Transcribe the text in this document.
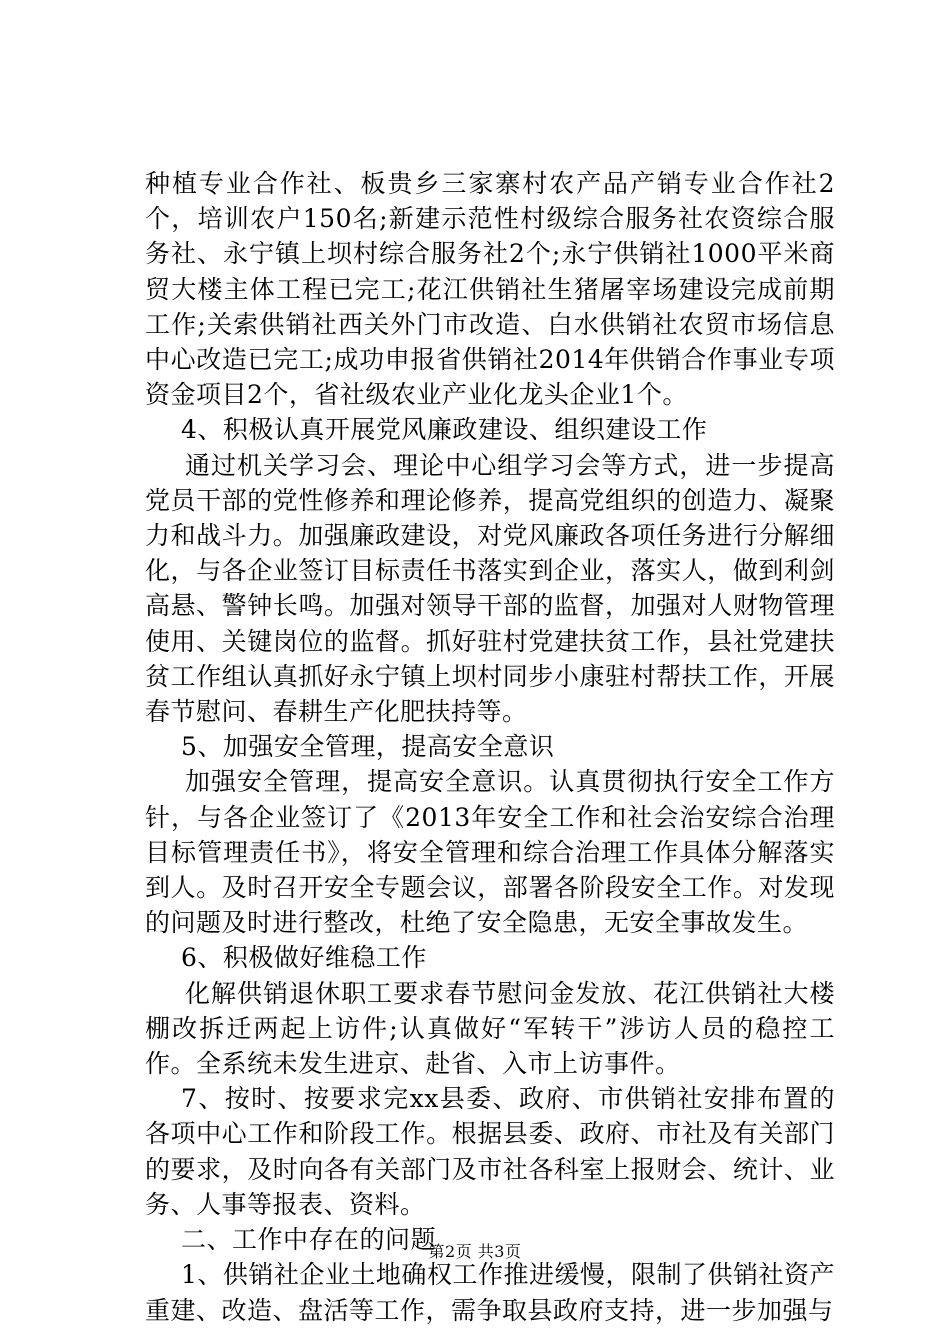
种植专业合作社、板贵乡三家寨村农产品产销专业合作社2个，培训农户150名;新建示范性村级综合服务社农资综合服务社、永宁镇上坝村综合服务社2个;永宁供销社1000平米商贸大楼主体工程已完工;花江供销社生猪屠宰场建设完成前期工作;关索供销社西关外门市改造、白水供销社农贸市场信息中心改造已完工;成功申报省供销社2014年供销合作事业专项资金项目2个，省社级农业产业化龙头企业1个。

4、积极认真开展党风廉政建设、组织建设工作

通过机关学习会、理论中心组学习会等方式，进一步提高党员干部的党性修养和理论修养，提高党组织的创造力、凝聚力和战斗力。加强廉政建设，对党风廉政各项任务进行分解细化，与各企业签订目标责任书落实到企业，落实人，做到利剑高悬、警钟长鸣。加强对领导干部的监督，加强对人财物管理使用、关键岗位的监督。抓好驻村党建扶贫工作，县社党建扶贫工作组认真抓好永宁镇上坝村同步小康驻村帮扶工作，开展春节慰问、春耕生产化肥扶持等。

5、加强安全管理，提高安全意识

加强安全管理，提高安全意识。认真贯彻执行安全工作方针，与各企业签订了《2013年安全工作和社会治安综合治理目标管理责任书》，将安全管理和综合治理工作具体分解落实到人。及时召开安全专题会议，部署各阶段安全工作。对发现的问题及时进行整改，杜绝了安全隐患，无安全事故发生。

6、积极做好维稳工作

化解供销退休职工要求春节慰问金发放、花江供销社大楼棚改拆迁两起上访件;认真做好“军转干”涉访人员的稳控工作。全系统未发生进京、赴省、入市上访事件。

7、按时、按要求完xx县委、政府、市供销社安排布置的各项中心工作和阶段工作。根据县委、政府、市社及有关部门的要求，及时向各有关部门及市社各科室上报财会、统计、业务、人事等报表、资料。

二、工作中存在的问题

1、供销社企业土地确权工作推进缓慢，限制了供销社资产重建、改造、盘活等工作，需争取县政府支持，进一步加强与

第2页 共3页
